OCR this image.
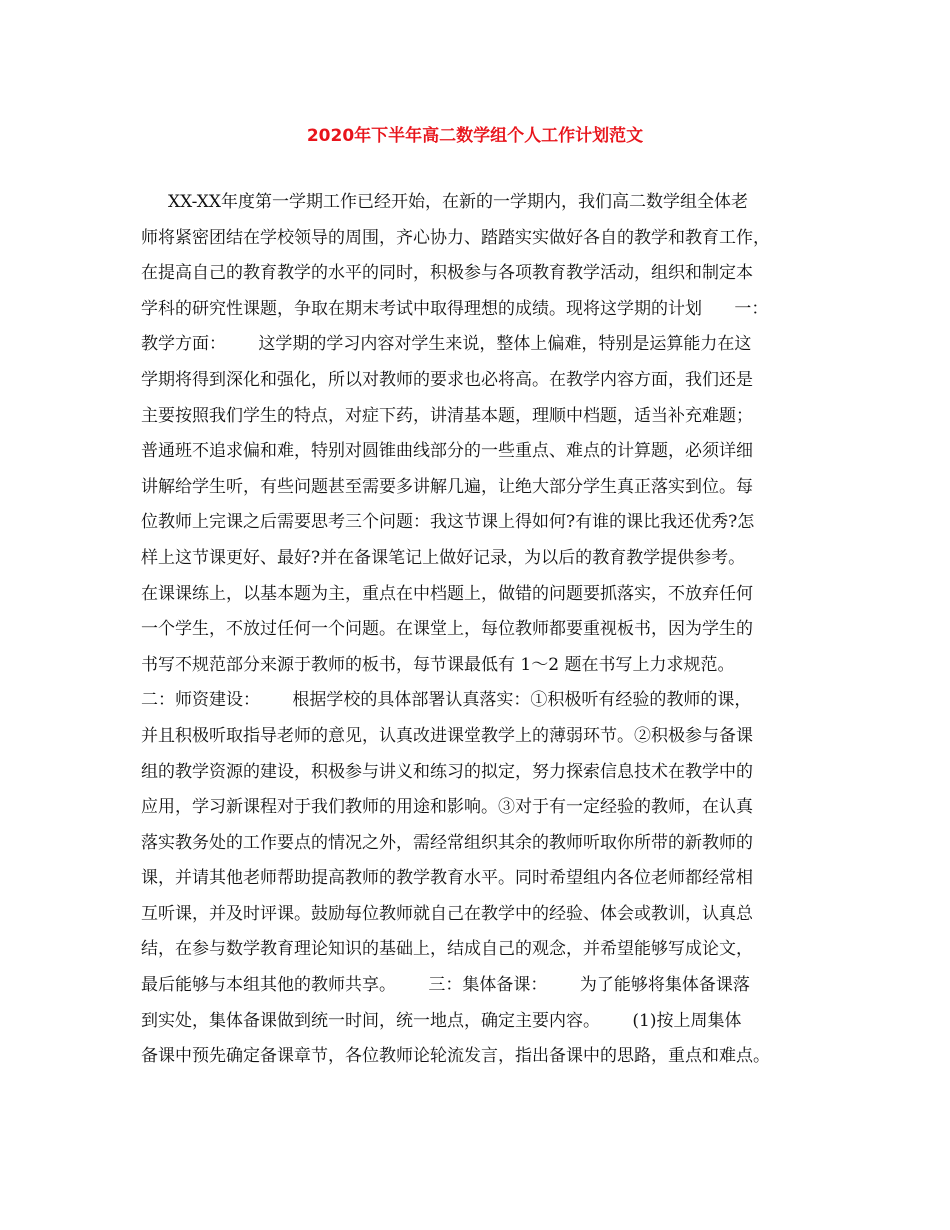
2020年下半年高二数学组个人工作计划范文
XX-XX年度第一学期工作已经开始，在新的一学期内，我们高二数学组全体老
师将紧密团结在学校领导的周围，齐心协力、踏踏实实做好各自的教学和教育工作，
在提高自己的教育教学的水平的同时，积极参与各项教育教学活动，组织和制定本
学科的研究性课题，争取在期末考试中取得理想的成绩。现将这学期的计划      一：
教学方面：      这学期的学习内容对学生来说，整体上偏难，特别是运算能力在这
学期将得到深化和强化，所以对教师的要求也必将高。在教学内容方面，我们还是
主要按照我们学生的特点，对症下药，讲清基本题，理顺中档题，适当补充难题；
普通班不追求偏和难，特别对圆锥曲线部分的一些重点、难点的计算题，必须详细
讲解给学生听，有些问题甚至需要多讲解几遍，让绝大部分学生真正落实到位。每
位教师上完课之后需要思考三个问题：我这节课上得如何?有谁的课比我还优秀?怎
样上这节课更好、最好?并在备课笔记上做好记录，为以后的教育教学提供参考。
在课课练上，以基本题为主，重点在中档题上，做错的问题要抓落实，不放弃任何
一个学生，不放过任何一个问题。在课堂上，每位教师都要重视板书，因为学生的
书写不规范部分来源于教师的板书，每节课最低有 1～2 题在书写上力求规范。
二：师资建设：      根据学校的具体部署认真落实：①积极听有经验的教师的课，
并且积极听取指导老师的意见，认真改进课堂教学上的薄弱环节。②积极参与备课
组的教学资源的建设，积极参与讲义和练习的拟定，努力探索信息技术在教学中的
应用，学习新课程对于我们教师的用途和影响。③对于有一定经验的教师，在认真
落实教务处的工作要点的情况之外，需经常组织其余的教师听取你所带的新教师的
课，并请其他老师帮助提高教师的教学教育水平。同时希望组内各位老师都经常相
互听课，并及时评课。鼓励每位教师就自己在教学中的经验、体会或教训，认真总
结，在参与数学教育理论知识的基础上，结成自己的观念，并希望能够写成论文，
最后能够与本组其他的教师共享。      三：集体备课：      为了能够将集体备课落
到实处，集体备课做到统一时间，统一地点，确定主要内容。      (1)按上周集体
备课中预先确定备课章节，各位教师论轮流发言，指出备课中的思路，重点和难点。
